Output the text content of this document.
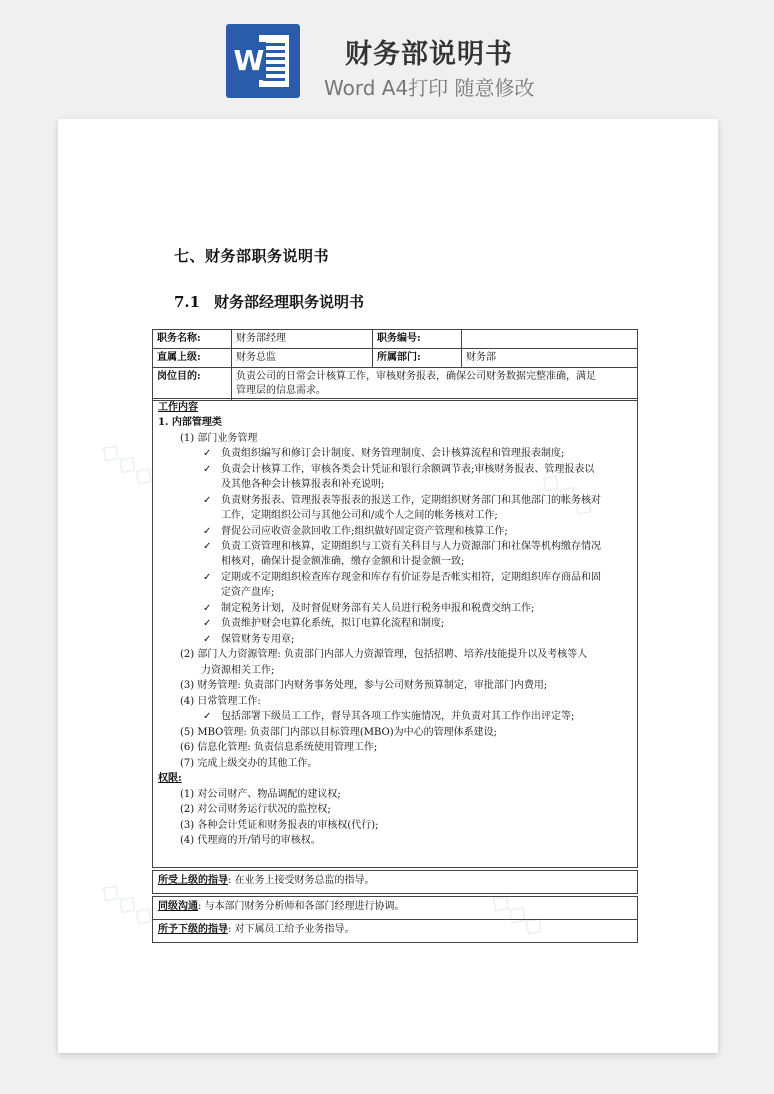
W	财务部说明书
Word A4打印 随意修改
◇◇◇
◇◇◇
◇◇◇	◇◇◇
七、财务部职务说明书
7.1 财务部经理职务说明书
职务名称:	财务部经理	职务编号:	
直属上级:	财务总监	所属部门:	财务部
岗位目的:	负责公司的日常会计核算工作，审核财务报表，确保公司财务数据完整准确，满足
管理层的信息需求。		
工作内容
1. 内部管理类
(1) 部门业务管理
✓ 负责组织编写和修订会计制度、财务管理制度、会计核算流程和管理报表制度;
✓ 负责会计核算工作，审核各类会计凭证和银行余额调节表;审核财务报表、管理报表以
及其他各种会计核算报表和补充说明;
✓ 负责财务报表、管理报表等报表的报送工作，定期组织财务部门和其他部门的帐务核对
工作，定期组织公司与其他公司和/或个人之间的帐务核对工作;
✓ 督促公司应收资金款回收工作;组织做好固定资产管理和核算工作;
✓ 负责工资管理和核算，定期组织与工资有关科目与人力资源部门和社保等机构缴存情况
相核对，确保计提金额准确，缴存金额和计提金额一致;
✓ 定期或不定期组织检查库存现金和库存有价证券是否帐实相符，定期组织库存商品和固
定资产盘库;
✓ 制定税务计划，及时督促财务部有关人员进行税务申报和税费交纳工作;
✓ 负责维护财会电算化系统，拟订电算化流程和制度;
✓ 保管财务专用章;
(2) 部门人力资源管理: 负责部门内部人力资源管理，包括招聘、培养/技能提升以及考核等人
力资源相关工作;
(3) 财务管理: 负责部门内财务事务处理，参与公司财务预算制定，审批部门内费用;
(4) 日常管理工作:
✓ 包括部署下级员工工作，督导其各项工作实施情况，并负责对其工作作出评定等;
(5) MBO管理: 负责部门内部以目标管理(MBO)为中心的管理体系建设;
(6) 信息化管理: 负责信息系统使用管理工作;
(7) 完成上级交办的其他工作。
权限:
(1) 对公司财产、物品调配的建议权;
(2) 对公司财务运行状况的监控权;
(3) 各种会计凭证和财务报表的审核权(代行);
(4) 代理商的开/销号的审核权。
所受上级的指导: 在业务上接受财务总监的指导。
同级沟通: 与本部门财务分析师和各部门经理进行协调。
所予下级的指导: 对下属员工给予业务指导。
